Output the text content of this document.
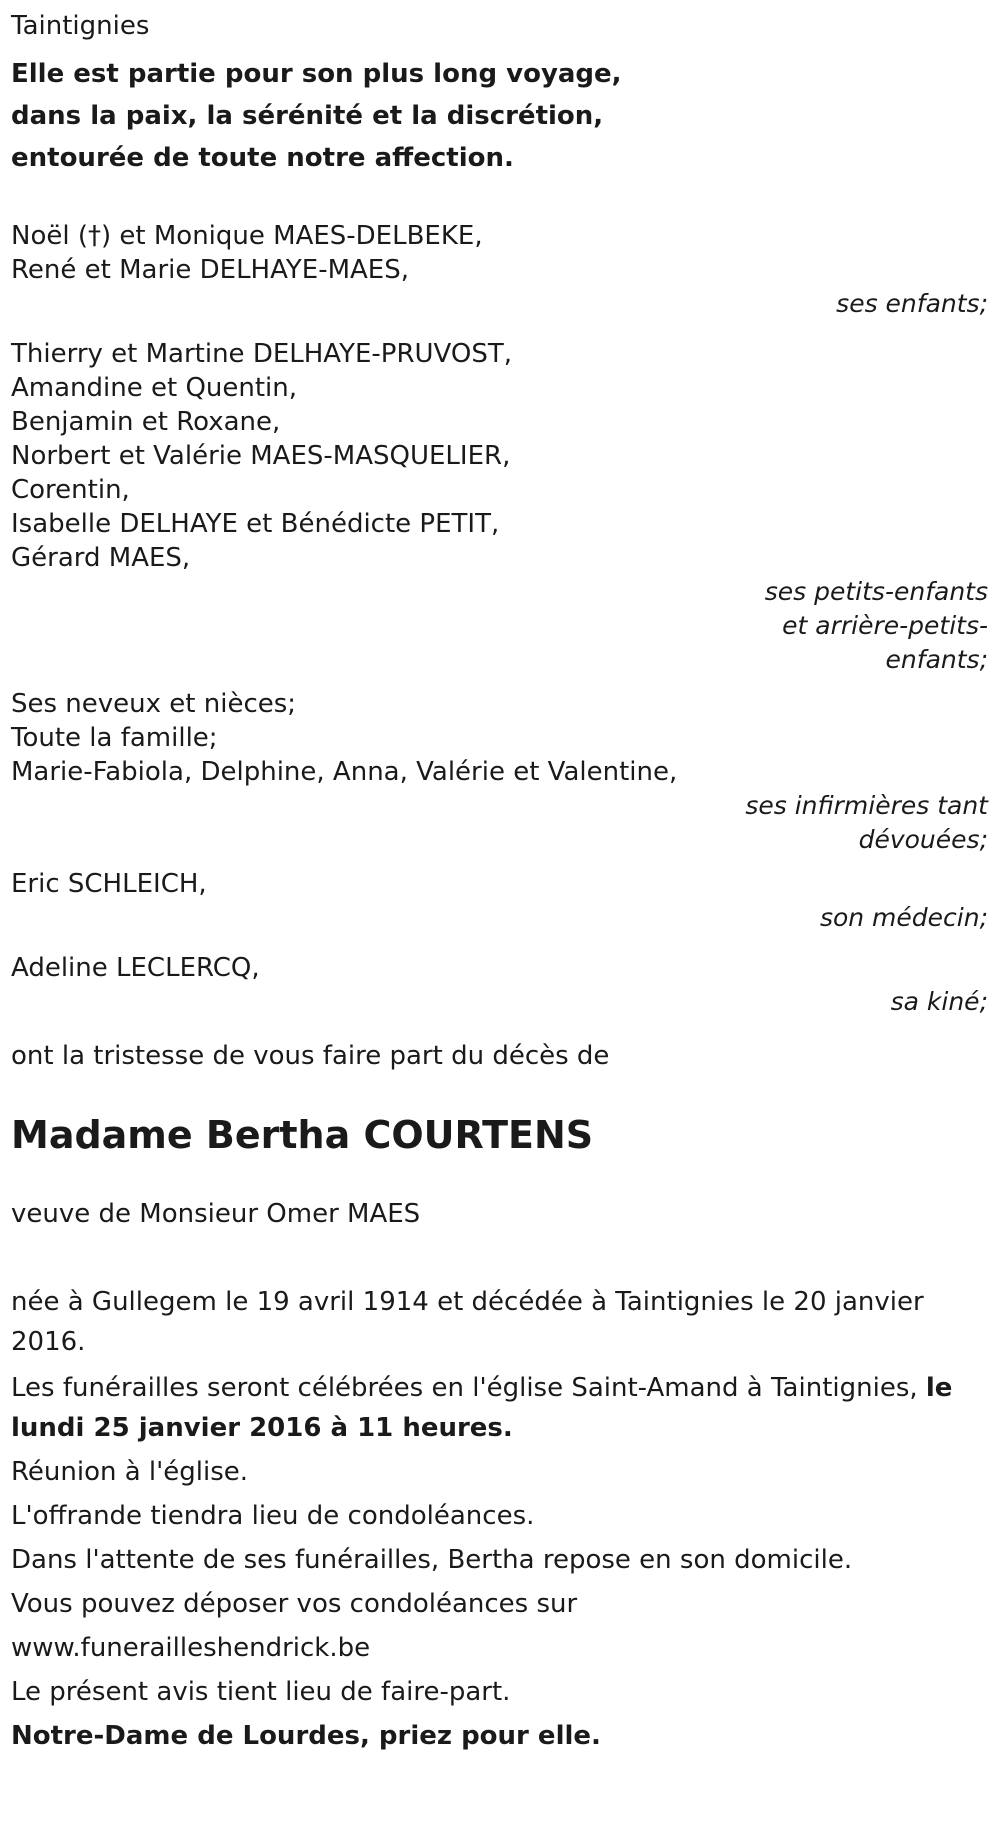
Taintignies

Elle est partie pour son plus long voyage,

dans la paix, la sérénité et la discrétion,

entourée de toute notre affection.

Noël (†) et Monique MAES-DELBEKE,
René et Marie DELHAYE-MAES,
ses enfants;
Thierry et Martine DELHAYE-PRUVOST,
Amandine et Quentin,
Benjamin et Roxane,
Norbert et Valérie MAES-MASQUELIER,
Corentin,
Isabelle DELHAYE et Bénédicte PETIT,
Gérard MAES,
ses petits-enfants
et arrière-petits-
enfants;
Ses neveux et nièces;
Toute la famille;
Marie-Fabiola, Delphine, Anna, Valérie et Valentine,
ses infirmières tant
dévouées;
Eric SCHLEICH,
son médecin;
Adeline LECLERCQ,
sa kiné;

ont la tristesse de vous faire part du décès de

Madame Bertha COURTENS

veuve de Monsieur Omer MAES

née à Gullegem le 19 avril 1914 et décédée à Taintignies le 20 janvier 2016.

Les funérailles seront célébrées en l'église Saint-Amand à Taintignies, le lundi 25 janvier 2016 à 11 heures.

Réunion à l'église.

L'offrande tiendra lieu de condoléances.

Dans l'attente de ses funérailles, Bertha repose en son domicile.

Vous pouvez déposer vos condoléances sur

www.funerailleshendrick.be

Le présent avis tient lieu de faire-part.

Notre-Dame de Lourdes, priez pour elle.
